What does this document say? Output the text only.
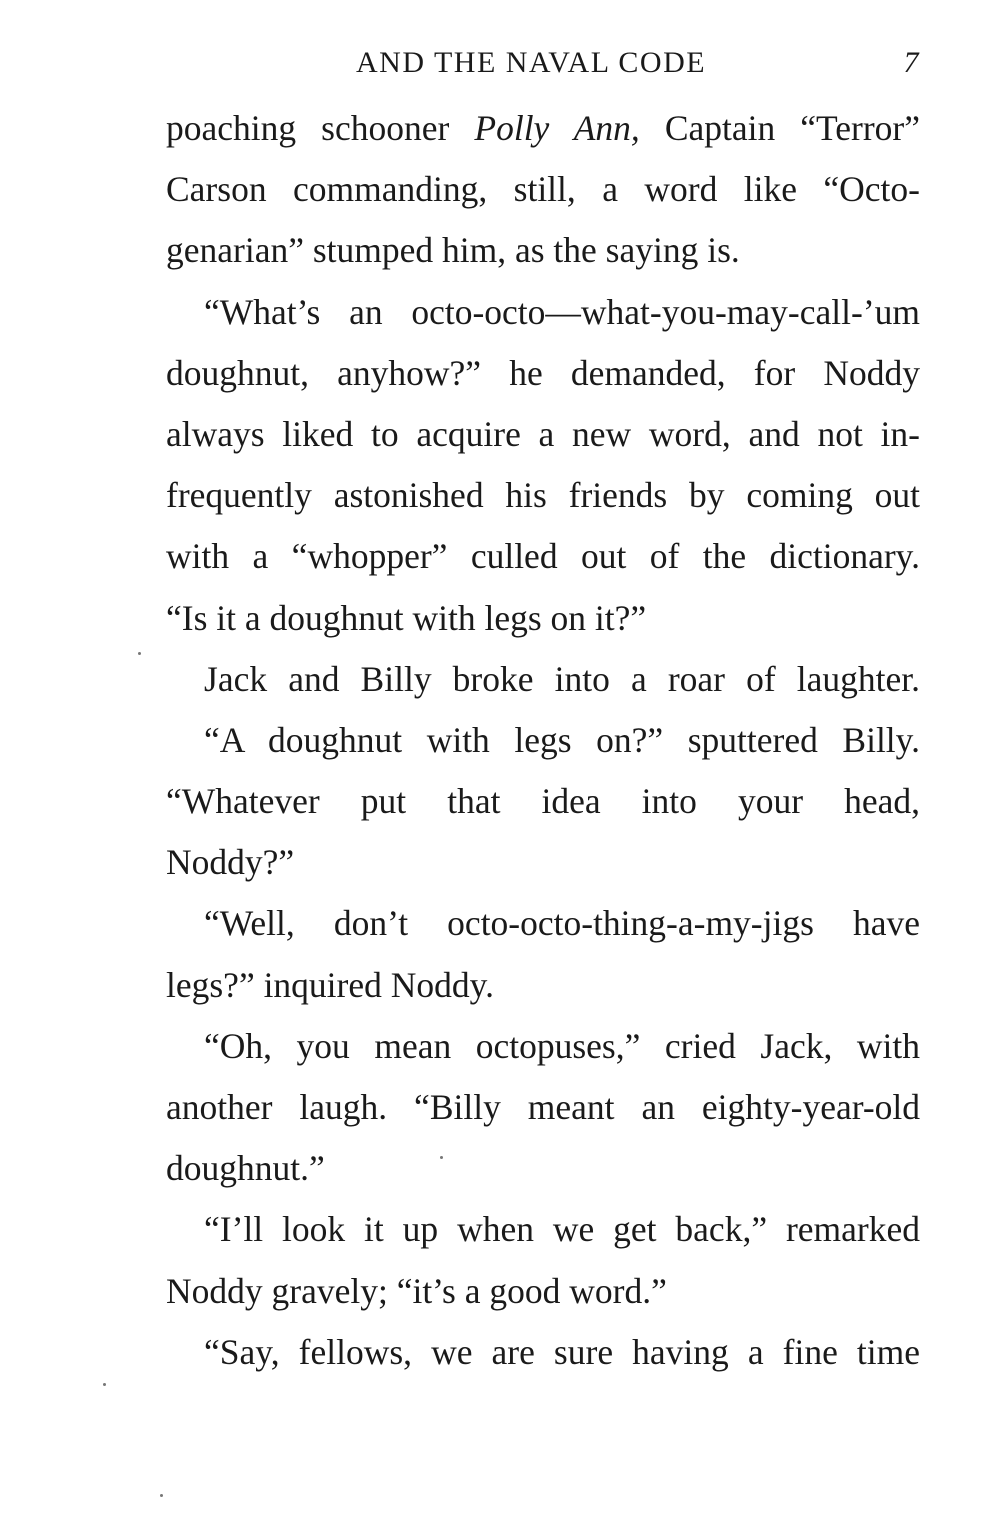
AND THE NAVAL CODE	7
poaching schooner Polly Ann, Captain “Terror”
Carson commanding, still, a word like “Octo-
genarian” stumped him, as the saying is.
“What’s an octo-octo—what-you-may-call-’um
doughnut, anyhow?” he demanded, for Noddy
always liked to acquire a new word, and not in-
frequently astonished his friends by coming out
with a “whopper” culled out of the dictionary.
“Is it a doughnut with legs on it?”
Jack and Billy broke into a roar of laughter.
“A doughnut with legs on?” sputtered Billy.
“Whatever put that idea into your head,
Noddy?”
“Well, don’t octo-octo-thing-a-my-jigs have
legs?” inquired Noddy.
“Oh, you mean octopuses,” cried Jack, with
another laugh. “Billy meant an eighty-year-old
doughnut.”
“I’ll look it up when we get back,” remarked
Noddy gravely; “it’s a good word.”
“Say, fellows, we are sure having a fine time
